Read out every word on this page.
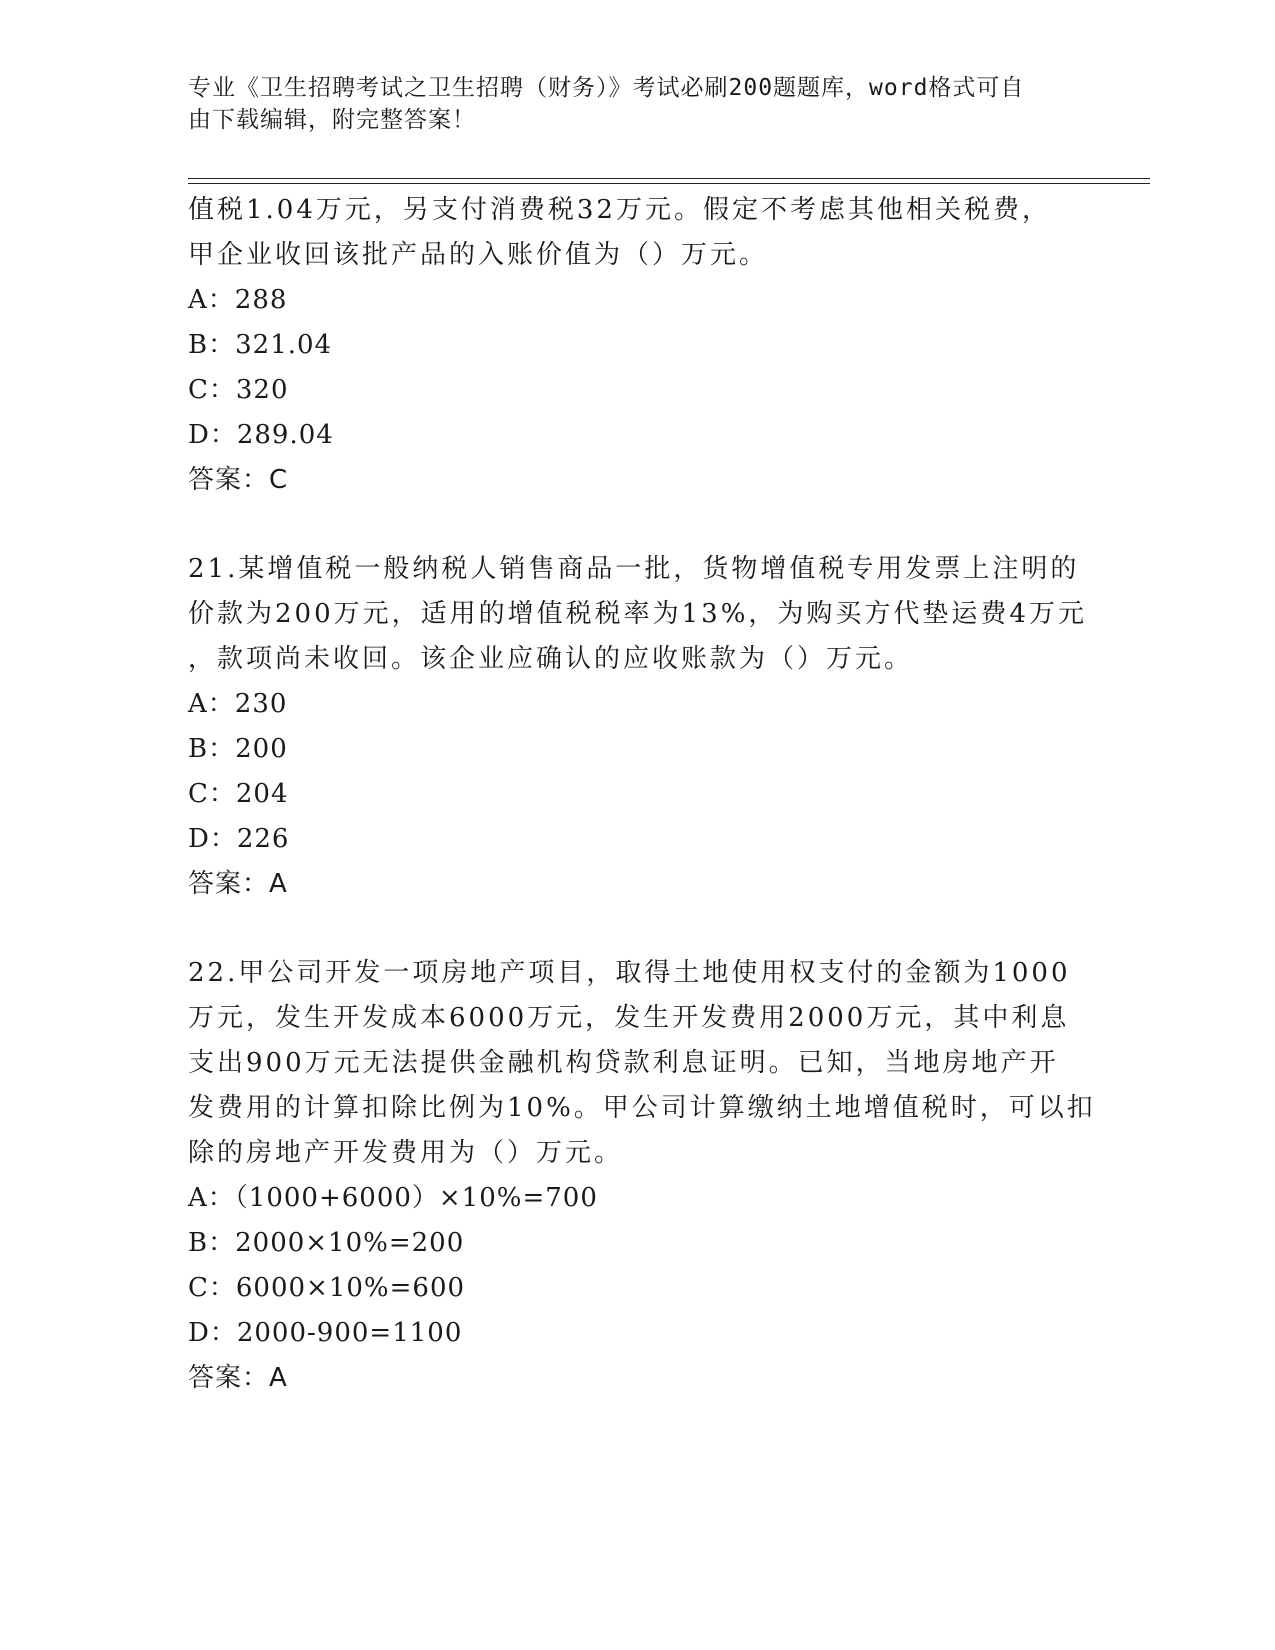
专业《卫生招聘考试之卫生招聘（财务）》考试必刷200题题库，word格式可自
由下载编辑，附完整答案！

值税1.04万元，另支付消费税32万元。假定不考虑其他相关税费，

甲企业收回该批产品的入账价值为（）万元。

A：288

B：321.04

C：320

D：289.04

答案：C

21.某增值税一般纳税人销售商品一批，货物增值税专用发票上注明的

价款为200万元，适用的增值税税率为13%，为购买方代垫运费4万元

，款项尚未收回。该企业应确认的应收账款为（）万元。

A：230

B：200

C：204

D：226

答案：A

22.甲公司开发一项房地产项目，取得土地使用权支付的金额为1000

万元，发生开发成本6000万元，发生开发费用2000万元，其中利息

支出900万元无法提供金融机构贷款利息证明。已知，当地房地产开

发费用的计算扣除比例为10%。甲公司计算缴纳土地增值税时，可以扣

除的房地产开发费用为（）万元。

A：（1000+6000）×10%=700

B：2000×10%=200

C：6000×10%=600

D：2000-900=1100

答案：A
